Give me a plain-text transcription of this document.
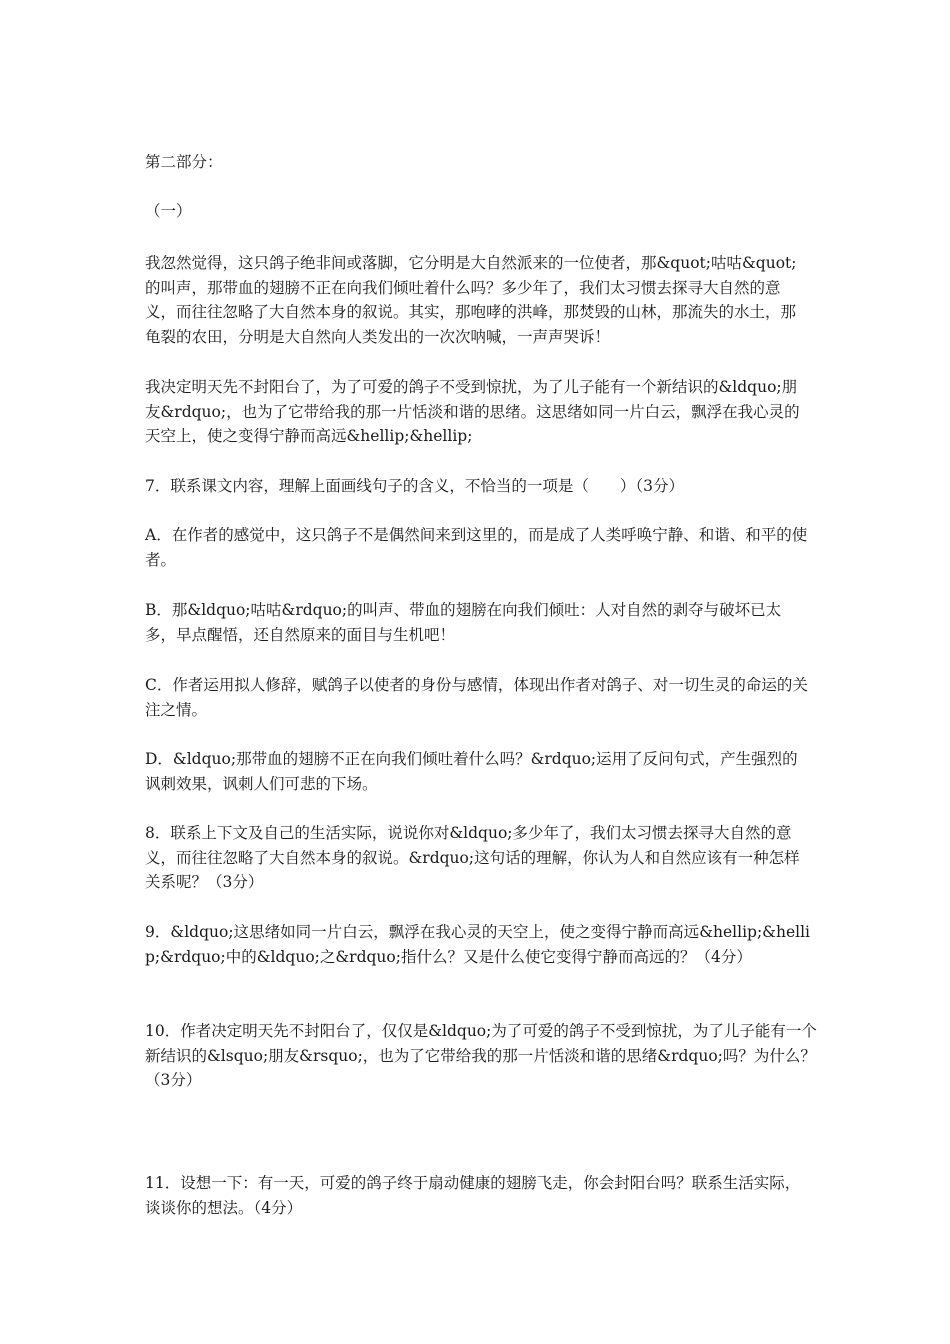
第二部分：

（一）

我忽然觉得，这只鸽子绝非间或落脚，它分明是大自然派来的一位使者，那&quot;咕咕&quot;的叫声，那带血的翅膀不正在向我们倾吐着什么吗？多少年了，我们太习惯去探寻大自然的意义，而往往忽略了大自然本身的叙说。其实，那咆哮的洪峰，那焚毁的山林，那流失的水土，那龟裂的农田，分明是大自然向人类发出的一次次呐喊，一声声哭诉！

我决定明天先不封阳台了，为了可爱的鸽子不受到惊扰，为了儿子能有一个新结识的&ldquo;朋友&rdquo;，也为了它带给我的那一片恬淡和谐的思绪。这思绪如同一片白云，飘浮在我心灵的天空上，使之变得宁静而高远&hellip;&hellip;

7．联系课文内容，理解上面画线句子的含义，不恰当的一项是（　　）（3分）

A．在作者的感觉中，这只鸽子不是偶然间来到这里的，而是成了人类呼唤宁静、和谐、和平的使者。

B．那&ldquo;咕咕&rdquo;的叫声、带血的翅膀在向我们倾吐：人对自然的剥夺与破坏已太多，早点醒悟，还自然原来的面目与生机吧！

C．作者运用拟人修辞，赋鸽子以使者的身份与感情，体现出作者对鸽子、对一切生灵的命运的关注之情。

D．&ldquo;那带血的翅膀不正在向我们倾吐着什么吗？&rdquo;运用了反问句式，产生强烈的讽刺效果，讽刺人们可悲的下场。

8．联系上下文及自己的生活实际，说说你对&ldquo;多少年了，我们太习惯去探寻大自然的意义，而往往忽略了大自然本身的叙说。&rdquo;这句话的理解，你认为人和自然应该有一种怎样关系呢？（3分）

9．&ldquo;这思绪如同一片白云，飘浮在我心灵的天空上，使之变得宁静而高远&hellip;&hellip;&rdquo;中的&ldquo;之&rdquo;指什么？又是什么使它变得宁静而高远的？（4分）

10．作者决定明天先不封阳台了，仅仅是&ldquo;为了可爱的鸽子不受到惊扰，为了儿子能有一个新结识的&lsquo;朋友&rsquo;，也为了它带给我的那一片恬淡和谐的思绪&rdquo;吗？为什么？（3分）

11．设想一下：有一天，可爱的鸽子终于扇动健康的翅膀飞走，你会封阳台吗？联系生活实际，谈谈你的想法。（4分）
